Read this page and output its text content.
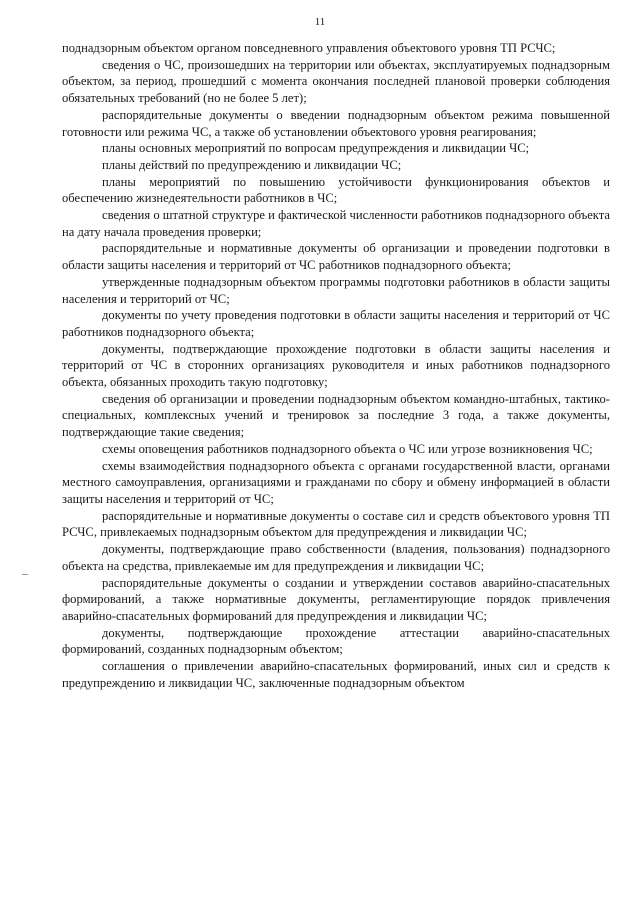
11

поднадзорным объектом органом повседневного управления объектового уровня ТП РСЧС;

сведения о ЧС, произошедших на территории или объектах, эксплуатируемых поднадзорным объектом, за период, прошедший с момента окончания последней плановой проверки соблюдения обязательных требований (но не более 5 лет);

распорядительные документы о введении поднадзорным объектом режима повышенной готовности или режима ЧС, а также об установлении объектового уровня реагирования;

планы основных мероприятий по вопросам предупреждения и ликвидации ЧС;

планы действий по предупреждению и ликвидации ЧС;

планы мероприятий по повышению устойчивости функционирования объектов и обеспечению жизнедеятельности работников в ЧС;

сведения о штатной структуре и фактической численности работников поднадзорного объекта на дату начала проведения проверки;

распорядительные и нормативные документы об организации и проведении подготовки в области защиты населения и территорий от ЧС работников поднадзорного объекта;

утвержденные поднадзорным объектом программы подготовки работников в области защиты населения и территорий от ЧС;

документы по учету проведения подготовки в области защиты населения и территорий от ЧС работников поднадзорного объекта;

документы, подтверждающие прохождение подготовки в области защиты населения и территорий от ЧС в сторонних организациях руководителя и иных работников поднадзорного объекта, обязанных проходить такую подготовку;

сведения об организации и проведении поднадзорным объектом командно-штабных, тактико-специальных, комплексных учений и тренировок за последние 3 года, а также документы, подтверждающие такие сведения;

схемы оповещения работников поднадзорного объекта о ЧС или угрозе возникновения ЧС;

схемы взаимодействия поднадзорного объекта с органами государственной власти, органами местного самоуправления, организациями и гражданами по сбору и обмену информацией в области защиты населения и территорий от ЧС;

распорядительные и нормативные документы о составе сил и средств объектового уровня ТП РСЧС, привлекаемых поднадзорным объектом для предупреждения и ликвидации ЧС;

документы, подтверждающие право собственности (владения, пользования) поднадзорного объекта на средства, привлекаемые им для предупреждения и ликвидации ЧС;

распорядительные документы о создании и утверждении составов аварийно-спасательных формирований, а также нормативные документы, регламентирующие порядок привлечения аварийно-спасательных формирований для предупреждения и ликвидации ЧС;

документы, подтверждающие прохождение аттестации аварийно-спасательных формирований, созданных поднадзорным объектом;

соглашения о привлечении аварийно-спасательных формирований, иных сил и средств к предупреждению и ликвидации ЧС, заключенные поднадзорным объектом
